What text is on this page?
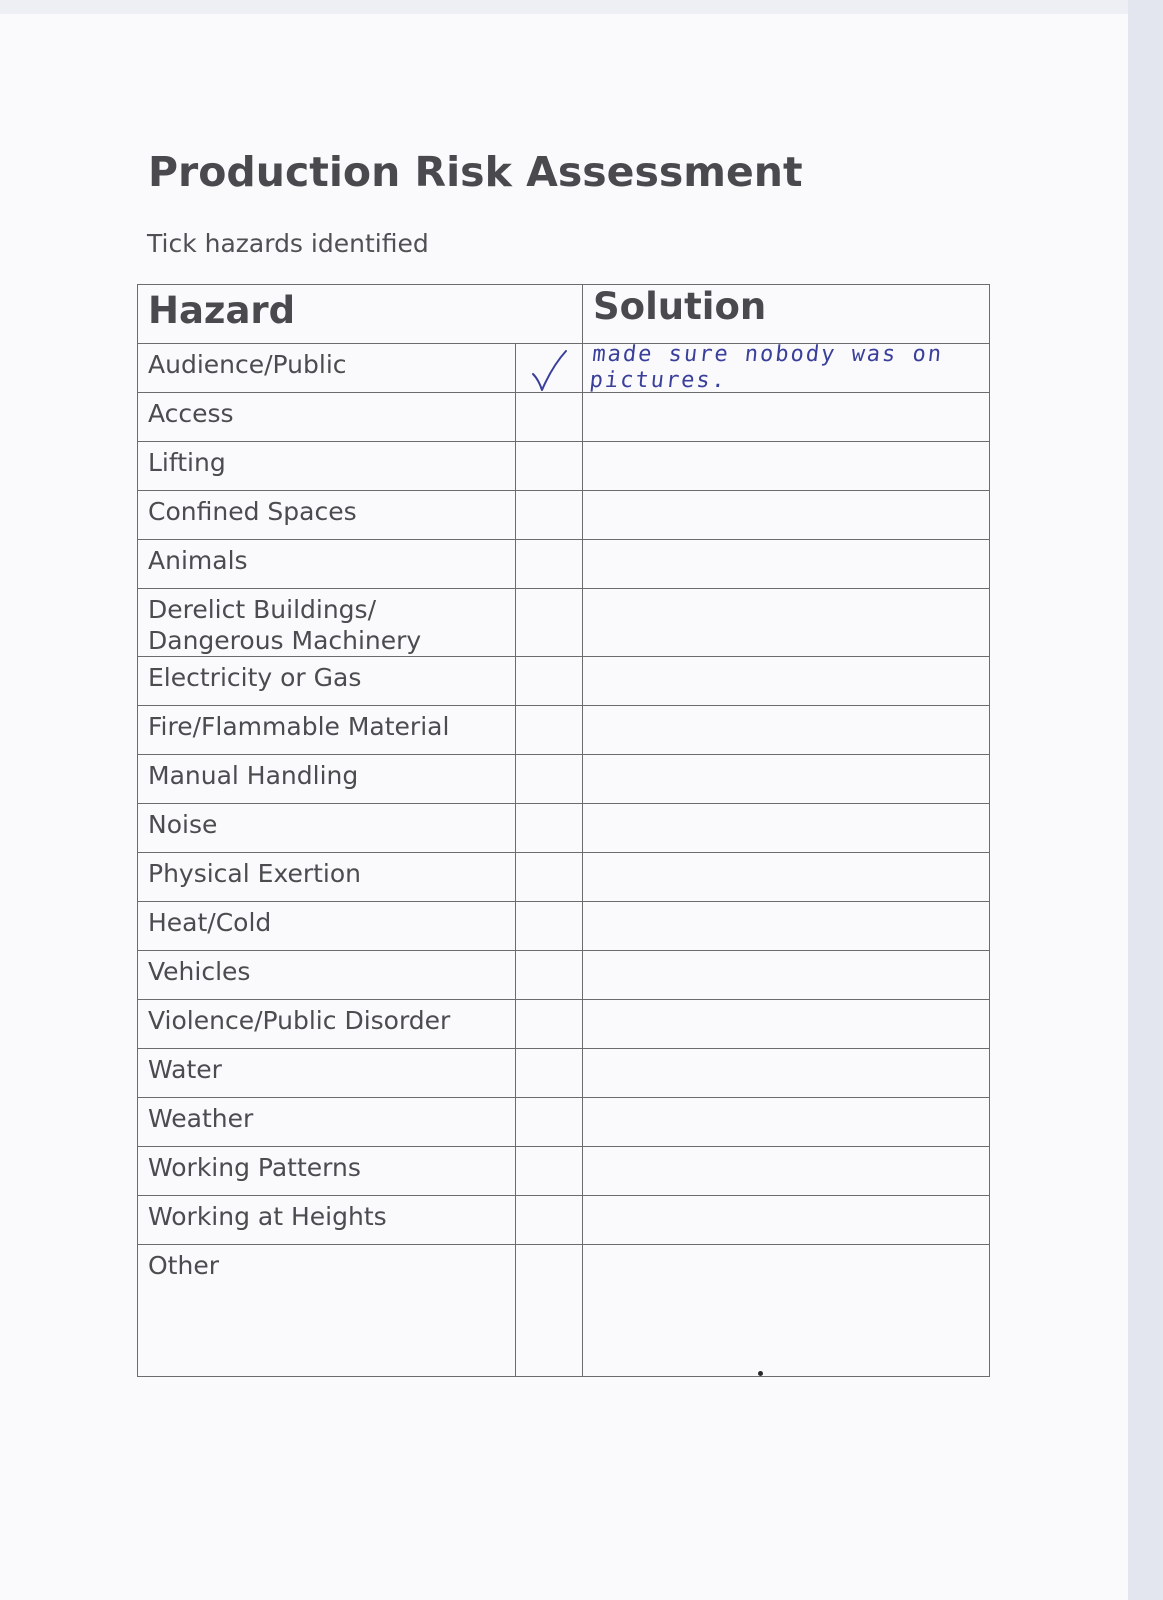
Production Risk Assessment

Tick hazards identified

Hazard		Solution

Audience/Public		made sure nobody was on pictures.

Access		

Lifting		

Confined Spaces		

Animals		

Derelict Buildings/ Dangerous Machinery		

Electricity or Gas		

Fire/Flammable Material		

Manual Handling		

Noise		

Physical Exertion		

Heat/Cold		

Vehicles		

Violence/Public Disorder		

Water		

Weather		

Working Patterns		

Working at Heights		

Other		
